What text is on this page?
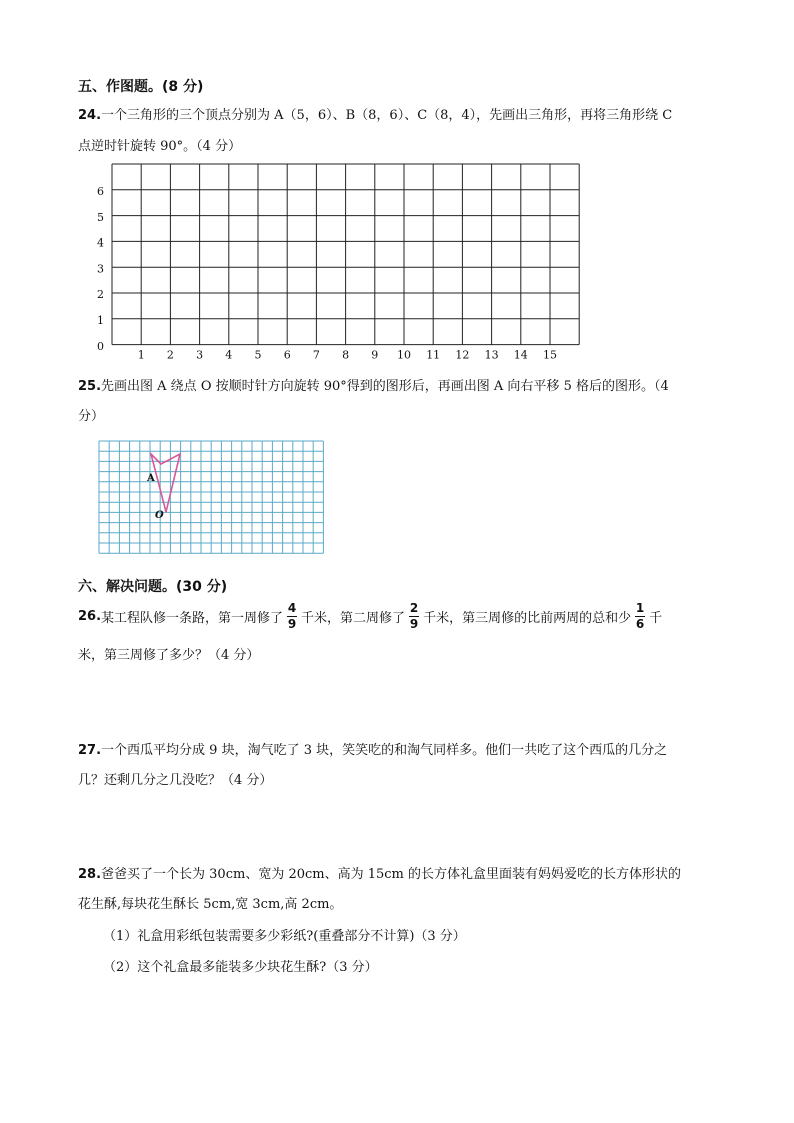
五、作图题。(8 分)
24.一个三角形的三个顶点分别为 A（5，6）、B（8，6）、C（8，4），先画出三角形，再将三角形绕 C
点逆时针旋转 90°。（4 分）
6
5
4
3
2
1
0
1 2 3 4 5 6 7 8 9 10 11 12 13 14 15
25.先画出图 A 绕点 O 按顺时针方向旋转 90°得到的图形后，再画出图 A 向右平移 5 格后的图形。（4
分）
A
O
六、解决问题。(30 分)
26. 某工程队修一条路，第一周修了 $\frac{4}{9}$ 千米，第二周修了 $\frac{2}{9}$ 千米，第三周修的比前两周的总和少 $\frac{1}{6}$ 千
米，第三周修了多少？（4 分）
27.一个西瓜平均分成 9 块，淘气吃了 3 块，笑笑吃的和淘气同样多。他们一共吃了这个西瓜的几分之
几？还剩几分之几没吃？（4 分）
28.爸爸买了一个长为 30cm、宽为 20cm、高为 15cm 的长方体礼盒里面装有妈妈爱吃的长方体形状的
花生酥,每块花生酥长 5cm,宽 3cm,高 2cm。
（1）礼盒用彩纸包装需要多少彩纸?(重叠部分不计算)（3 分）
（2）这个礼盒最多能装多少块花生酥?（3 分）
